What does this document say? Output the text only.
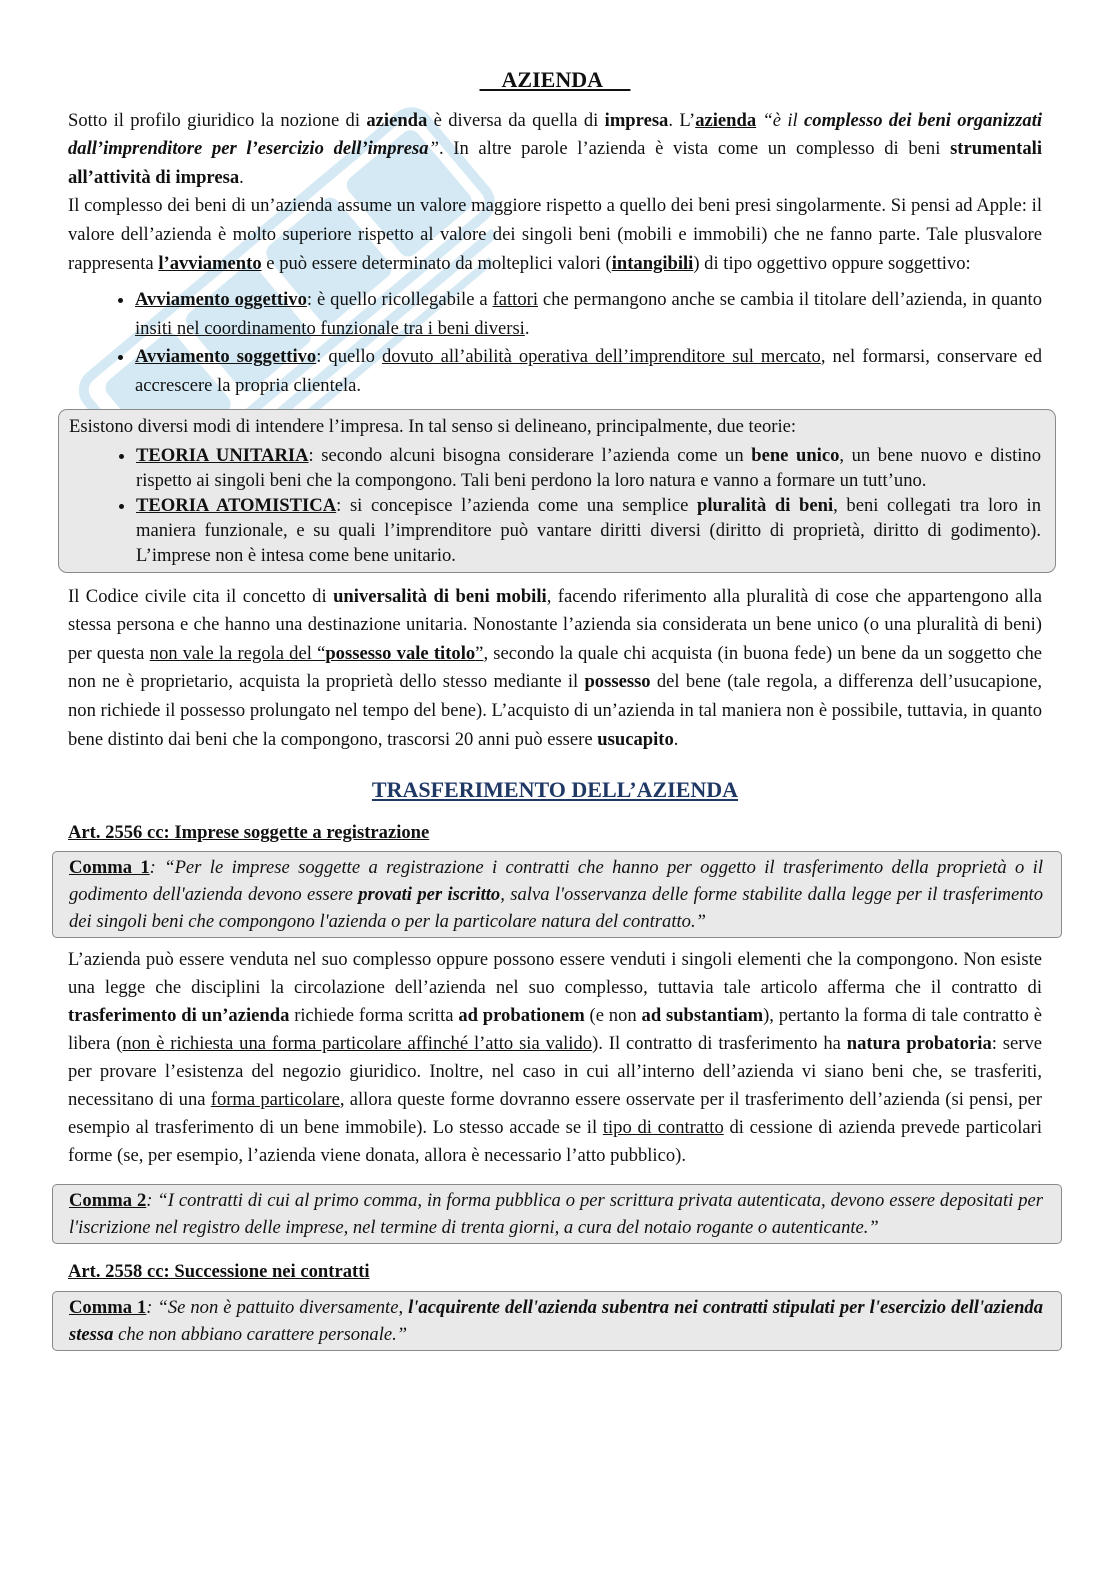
AZIENDA

Sotto il profilo giuridico la nozione di azienda è diversa da quella di impresa. L’azienda “è il complesso dei beni organizzati dall’imprenditore per l’esercizio dell’impresa”. In altre parole l’azienda è vista come un complesso di beni strumentali all’attività di impresa.

Il complesso dei beni di un’azienda assume un valore maggiore rispetto a quello dei beni presi singolarmente. Si pensi ad Apple: il valore dell’azienda è molto superiore rispetto al valore dei singoli beni (mobili e immobili) che ne fanno parte. Tale plusvalore rappresenta l’avviamento e può essere determinato da molteplici valori (intangibili) di tipo oggettivo oppure soggettivo:

• Avviamento oggettivo: è quello ricollegabile a fattori che permangono anche se cambia il titolare dell’azienda, in quanto insiti nel coordinamento funzionale tra i beni diversi.
• Avviamento soggettivo: quello dovuto all’abilità operativa dell’imprenditore sul mercato, nel formarsi, conservare ed accrescere la propria clientela.

Esistono diversi modi di intendere l’impresa. In tal senso si delineano, principalmente, due teorie:

• TEORIA UNITARIA: secondo alcuni bisogna considerare l’azienda come un bene unico, un bene nuovo e distino rispetto ai singoli beni che la compongono. Tali beni perdono la loro natura e vanno a formare un tutt’uno.
• TEORIA ATOMISTICA: si concepisce l’azienda come una semplice pluralità di beni, beni collegati tra loro in maniera funzionale, e su quali l’imprenditore può vantare diritti diversi (diritto di proprietà, diritto di godimento). L’imprese non è intesa come bene unitario.

Il Codice civile cita il concetto di universalità di beni mobili, facendo riferimento alla pluralità di cose che appartengono alla stessa persona e che hanno una destinazione unitaria. Nonostante l’azienda sia considerata un bene unico (o una pluralità di beni) per questa non vale la regola del “possesso vale titolo”, secondo la quale chi acquista (in buona fede) un bene da un soggetto che non ne è proprietario, acquista la proprietà dello stesso mediante il possesso del bene (tale regola, a differenza dell’usucapione, non richiede il possesso prolungato nel tempo del bene). L’acquisto di un’azienda in tal maniera non è possibile, tuttavia, in quanto bene distinto dai beni che la compongono, trascorsi 20 anni può essere usucapito.

TRASFERIMENTO DELL’AZIENDA
Art. 2556 cc: Imprese soggette a registrazione
Comma 1: “Per le imprese soggette a registrazione i contratti che hanno per oggetto il trasferimento della proprietà o il godimento dell'azienda devono essere provati per iscritto, salva l'osservanza delle forme stabilite dalla legge per il trasferimento dei singoli beni che compongono l'azienda o per la particolare natura del contratto.”

L’azienda può essere venduta nel suo complesso oppure possono essere venduti i singoli elementi che la compongono. Non esiste una legge che disciplini la circolazione dell’azienda nel suo complesso, tuttavia tale articolo afferma che il contratto di trasferimento di un’azienda richiede forma scritta ad probationem (e non ad substantiam), pertanto la forma di tale contratto è libera (non è richiesta una forma particolare affinché l’atto sia valido). Il contratto di trasferimento ha natura probatoria: serve per provare l’esistenza del negozio giuridico. Inoltre, nel caso in cui all’interno dell’azienda vi siano beni che, se trasferiti, necessitano di una forma particolare, allora queste forme dovranno essere osservate per il trasferimento dell’azienda (si pensi, per esempio al trasferimento di un bene immobile). Lo stesso accade se il tipo di contratto di cessione di azienda prevede particolari forme (se, per esempio, l’azienda viene donata, allora è necessario l’atto pubblico).

Comma 2: “I contratti di cui al primo comma, in forma pubblica o per scrittura privata autenticata, devono essere depositati per l'iscrizione nel registro delle imprese, nel termine di trenta giorni, a cura del notaio rogante o autenticante.”
Art. 2558 cc: Successione nei contratti
Comma 1: “Se non è pattuito diversamente, l'acquirente dell'azienda subentra nei contratti stipulati per l'esercizio dell'azienda stessa che non abbiano carattere personale.”
